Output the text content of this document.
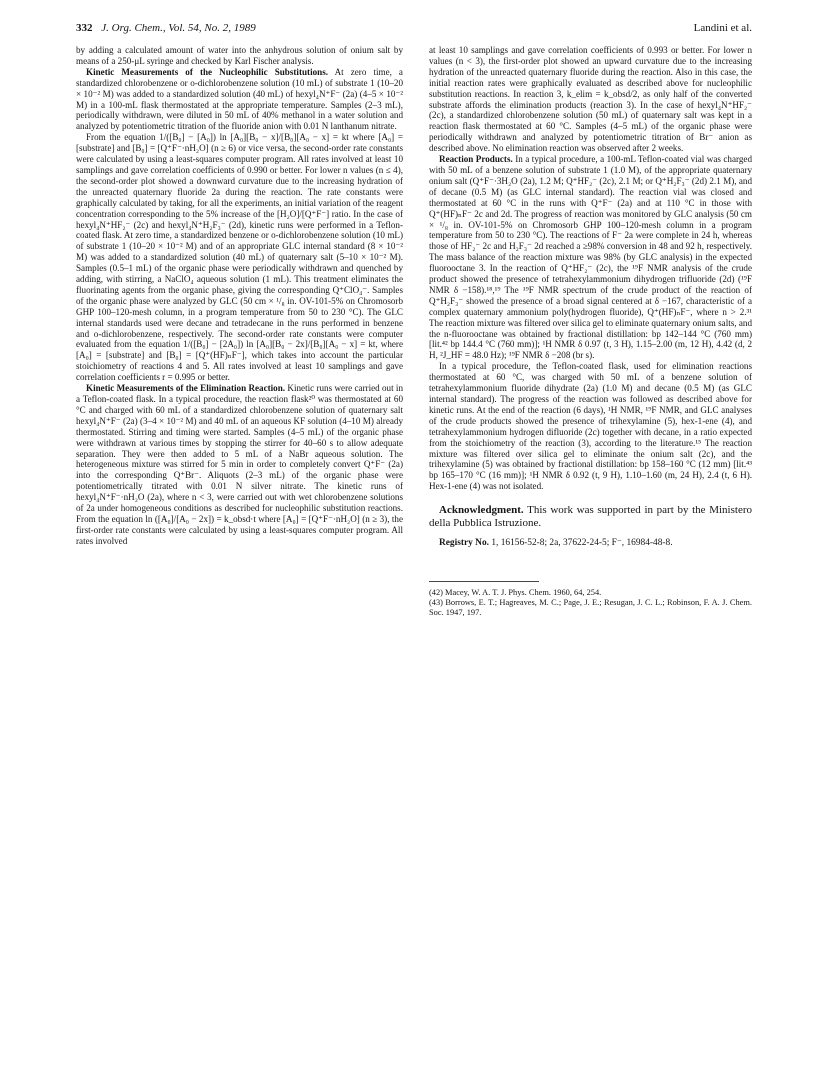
332 J. Org. Chem., Vol. 54, No. 2, 1989	Landini et al.

by adding a calculated amount of water into the anhydrous solution of onium salt by means of a 250-μL syringe and checked by Karl Fischer analysis.

Kinetic Measurements of the Nucleophilic Substitutions. At zero time, a standardized chlorobenzene or o-dichlorobenzene solution (10 mL) of substrate 1 (10–20 × 10⁻² M) was added to a standardized solution (40 mL) of hexyl₄N⁺F⁻ (2a) (4–5 × 10⁻² M) in a 100-mL flask thermostated at the appropriate temperature. Samples (2–3 mL), periodically withdrawn, were diluted in 50 mL of 40% methanol in a water solution and analyzed by potentiometric titration of the fluoride anion with 0.01 N lanthanum nitrate.

From the equation 1/([B₀] − [A₀]) ln [A₀][B₀ − x]/[B₀][A₀ − x] = kt where [A₀] = [substrate] and [B₀] = [Q⁺F⁻·nH₂O] (n ≥ 6) or vice versa, the second-order rate constants were calculated by using a least-squares computer program. All rates involved at least 10 samplings and gave correlation coefficients of 0.990 or better. For lower n values (n ≤ 4), the second-order plot showed a downward curvature due to the increasing hydration of the unreacted quaternary fluoride 2a during the reaction. The rate constants were graphically calculated by taking, for all the experiments, an initial variation of the reagent concentration corresponding to the 5% increase of the [H₂O]/[Q⁺F⁻] ratio. In the case of hexyl₄N⁺HF₂⁻ (2c) and hexyl₄N⁺H₂F₃⁻ (2d), kinetic runs were performed in a Teflon-coated flask. At zero time, a standardized benzene or o-dichlorobenzene solution (10 mL) of substrate 1 (10–20 × 10⁻² M) and of an appropriate GLC internal standard (8 × 10⁻² M) was added to a standardized solution (40 mL) of quaternary salt (5–10 × 10⁻² M). Samples (0.5–1 mL) of the organic phase were periodically withdrawn and quenched by adding, with stirring, a NaClO₄ aqueous solution (1 mL). This treatment eliminates the fluorinating agents from the organic phase, giving the corresponding Q⁺ClO₄⁻. Samples of the organic phase were analyzed by GLC (50 cm × ¹/₈ in. OV-101-5% on Chromosorb GHP 100–120-mesh column, in a program temperature from 50 to 230 °C). The GLC internal standards used were decane and tetradecane in the runs performed in benzene and o-dichlorobenzene, respectively. The second-order rate constants were computer evaluated from the equation 1/([B₀] − [2A₀]) ln [A₀][B₀ − 2x]/[B₀][A₀ − x] = kt, where [A₀] = [substrate] and [B₀] = [Q⁺(HF)ₙF⁻], which takes into account the particular stoichiometry of reactions 4 and 5. All rates involved at least 10 samplings and gave correlation coefficients r = 0.995 or better.

Kinetic Measurements of the Elimination Reaction. Kinetic runs were carried out in a Teflon-coated flask. In a typical procedure, the reaction flask²⁰ was thermostated at 60 °C and charged with 60 mL of a standardized chlorobenzene solution of quaternary salt hexyl₄N⁺F⁻ (2a) (3–4 × 10⁻² M) and 40 mL of an aqueous KF solution (4–10 M) already thermostated. Stirring and timing were started. Samples (4–5 mL) of the organic phase were withdrawn at various times by stopping the stirrer for 40–60 s to allow adequate separation. They were then added to 5 mL of a NaBr aqueous solution. The heterogeneous mixture was stirred for 5 min in order to completely convert Q⁺F⁻ (2a) into the corresponding Q⁺Br⁻. Aliquots (2–3 mL) of the organic phase were potentiometrically titrated with 0.01 N silver nitrate. The kinetic runs of hexyl₄N⁺F⁻·nH₂O (2a), where n < 3, were carried out with wet chlorobenzene solutions of 2a under homogeneous conditions as described for nucleophilic substitution reactions. From the equation ln ([A₀]/[A₀ − 2x]) = k_obsd·t where [A₀] = [Q⁺F⁻·nH₂O] (n ≥ 3), the first-order rate constants were calculated by using a least-squares computer program. All rates involved

at least 10 samplings and gave correlation coefficients of 0.993 or better. For lower n values (n < 3), the first-order plot showed an upward curvature due to the increasing hydration of the unreacted quaternary fluoride during the reaction. Also in this case, the initial reaction rates were graphically evaluated as described above for nucleophilic substitution reactions. In reaction 3, k_elim = k_obsd/2, as only half of the converted substrate affords the elimination products (reaction 3). In the case of hexyl₄N⁺HF₂⁻ (2c), a standardized chlorobenzene solution (50 mL) of quaternary salt was kept in a reaction flask thermostated at 60 °C. Samples (4–5 mL) of the organic phase were periodically withdrawn and analyzed by potentiometric titration of Br⁻ anion as described above. No elimination reaction was observed after 2 weeks.

Reaction Products. In a typical procedure, a 100-mL Teflon-coated vial was charged with 50 mL of a benzene solution of substrate 1 (1.0 M), of the appropriate quaternary onium salt (Q⁺F⁻·3H₂O (2a), 1.2 M; Q⁺HF₂⁻ (2c), 2.1 M; or Q⁺H₂F₃⁻ (2d) 2.1 M), and of decane (0.5 M) (as GLC internal standard). The reaction vial was closed and thermostated at 60 °C in the runs with Q⁺F⁻ (2a) and at 110 °C in those with Q⁺(HF)ₙF⁻ 2c and 2d. The progress of reaction was monitored by GLC analysis (50 cm × ¹/₈ in. OV-101-5% on Chromosorb GHP 100–120-mesh column in a program temperature from 50 to 230 °C). The reactions of F⁻ 2a were complete in 24 h, whereas those of HF₂⁻ 2c and H₂F₃⁻ 2d reached a ≥98% conversion in 48 and 92 h, respectively. The mass balance of the reaction mixture was 98% (by GLC analysis) in the expected fluorooctane 3. In the reaction of Q⁺HF₂⁻ (2c), the ¹⁹F NMR analysis of the crude product showed the presence of tetrahexylammonium dihydrogen trifluoride (2d) (¹⁹F NMR δ −158).¹⁸,¹⁹ The ¹⁹F NMR spectrum of the crude product of the reaction of Q⁺H₂F₃⁻ showed the presence of a broad signal centered at δ −167, characteristic of a complex quaternary ammonium poly(hydrogen fluoride), Q⁺(HF)ₙF⁻, where n > 2.³¹ The reaction mixture was filtered over silica gel to eliminate quaternary onium salts, and the n-fluorooctane was obtained by fractional distillation: bp 142–144 °C (760 mm) [lit.⁴² bp 144.4 °C (760 mm)]; ¹H NMR δ 0.97 (t, 3 H), 1.15–2.00 (m, 12 H), 4.42 (d, 2 H, ²J_HF = 48.0 Hz); ¹⁹F NMR δ −208 (br s).

In a typical procedure, the Teflon-coated flask, used for elimination reactions thermostated at 60 °C, was charged with 50 mL of a benzene solution of tetrahexylammonium fluoride dihydrate (2a) (1.0 M) and decane (0.5 M) (as GLC internal standard). The progress of the reaction was followed as described above for kinetic runs. At the end of the reaction (6 days), ¹H NMR, ¹⁹F NMR, and GLC analyses of the crude products showed the presence of trihexylamine (5), hex-1-ene (4), and tetrahexylammonium hydrogen difluoride (2c) together with decane, in a ratio expected from the stoichiometry of the reaction (3), according to the literature.¹⁵ The reaction mixture was filtered over silica gel to eliminate the onium salt (2c), and the trihexylamine (5) was obtained by fractional distillation: bp 158–160 °C (12 mm) [lit.⁴³ bp 165–170 °C (16 mm)]; ¹H NMR δ 0.92 (t, 9 H), 1.10–1.60 (m, 24 H), 2.4 (t, 6 H). Hex-1-ene (4) was not isolated.

Acknowledgment. This work was supported in part by the Ministero della Pubblica Istruzione.

Registry No. 1, 16156-52-8; 2a, 37622-24-5; F⁻, 16984-48-8.

(42) Macey, W. A. T. J. Phys. Chem. 1960, 64, 254.

(43) Borrows, E. T.; Hagreaves, M. C.; Page, J. E.; Resugan, J. C. L.; Robinson, F. A. J. Chem. Soc. 1947, 197.
